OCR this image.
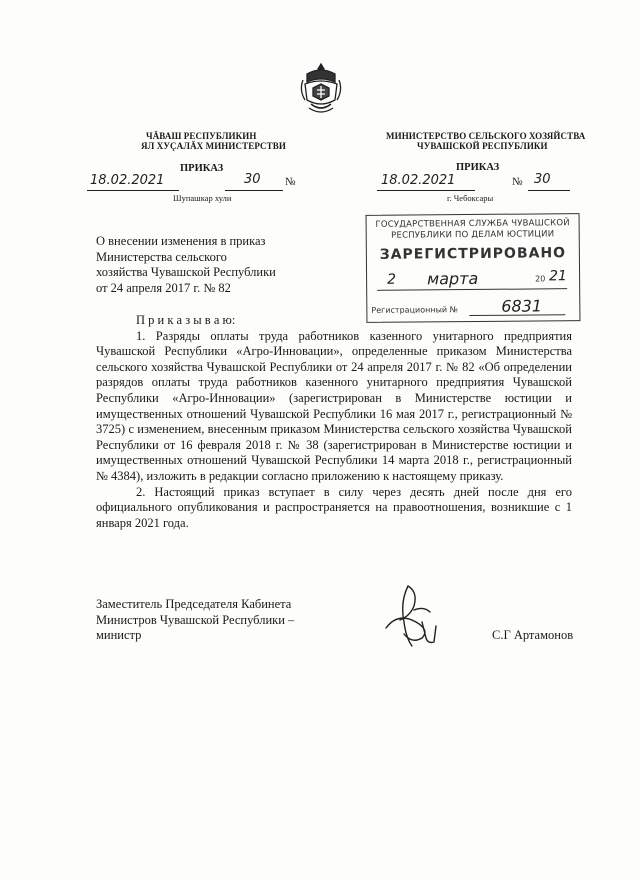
ЧĂВАШ РЕСПУБЛИКИН
ЯЛ ХУÇАЛĂХ МИНИСТЕРСТВИ
ПРИКАЗ
18.02.2021	30 №
Шупашкар хули
МИНИСТЕРСТВО СЕЛЬСКОГО ХОЗЯЙСТВА
ЧУВАШСКОЙ РЕСПУБЛИКИ
ПРИКАЗ
18.02.2021	№ 30
г. Чебоксары
О внесении изменения в приказ
Министерства сельского
хозяйства Чувашской Республики
от 24 апреля 2017 г. № 82
ГОСУДАРСТВЕННАЯ СЛУЖБА ЧУВАШСКОЙ
РЕСПУБЛИКИ ПО ДЕЛАМ ЮСТИЦИИ
ЗАРЕГИСТРИРОВАНО
2 марта	20 21
Регистрационный №	6831
П р и к а з ы в а ю:

1. Разряды оплаты труда работников казенного унитарного предприятия Чувашской Республики «Агро-Инновации», определенные приказом Министерства сельского хозяйства Чувашской Республики от 24 апреля 2017 г. № 82 «Об определении разрядов оплаты труда работников казенного унитарного предприятия Чувашской Республики «Агро-Инновации» (зарегистрирован в Министерстве юстиции и имущественных отношений Чувашской Республики 16 мая 2017 г., регистрационный № 3725) с изменением, внесенным приказом Министерства сельского хозяйства Чувашской Республики от 16 февраля 2018 г. № 38 (зарегистрирован в Министерстве юстиции и имущественных отношений Чувашской Республики 14 марта 2018 г., регистрационный № 4384), изложить в редакции согласно приложению к настоящему приказу.

2. Настоящий приказ вступает в силу через десять дней после дня его официального опубликования и распространяется на правоотношения, возникшие с 1 января 2021 года.

Заместитель Председателя Кабинета
Министров Чувашской Республики –
министр	С.Г Артамонов
